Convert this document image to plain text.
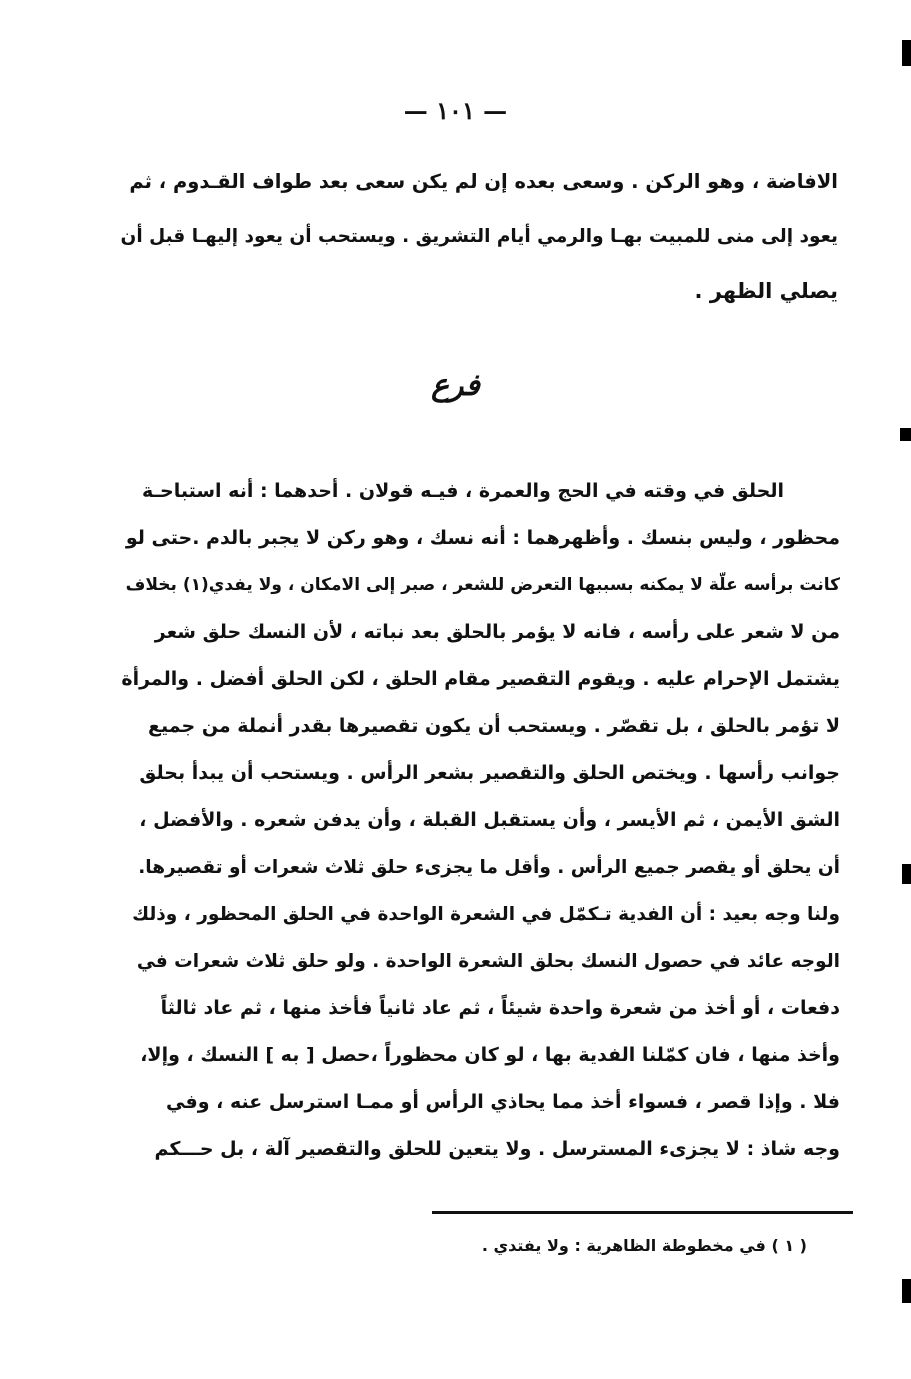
— ١٠١ —
الافاضة ، وهو الركن . وسعى بعده إن لم يكن سعى بعد طواف القـدوم ، ثم
يعود إلى منى للمبيت بهـا والرمي أيام التشريق . ويستحب أن يعود إليهـا قبل أن
يصلي الظهر .
فرع
الحلق في وقته في الحج والعمرة ، فيـه قولان . أحدهما : أنه استباحـة
محظور ، وليس بنسك . وأظهرهما : أنه نسك ، وهو ركن لا يجبر بالدم .حتى لو
كانت برأسه علّة لا يمكنه بسببها التعرض للشعر ، صبر إلى الامكان ، ولا يفدي(١) بخلاف
من لا شعر على رأسه ، فانه لا يؤمر بالحلق بعد نباته ، لأن النسك حلق شعر
يشتمل الإحرام عليه . ويقوم التقصير مقام الحلق ، لكن الحلق أفضل . والمرأة
لا تؤمر بالحلق ، بل تقصّر . ويستحب أن يكون تقصيرها بقدر أنملة من جميع
جوانب رأسها . ويختص الحلق والتقصير بشعر الرأس . ويستحب أن يبدأ بحلق
الشق الأيمن ، ثم الأيسر ، وأن يستقبل القبلة ، وأن يدفن شعره . والأفضل ،
أن يحلق أو يقصر جميع الرأس . وأقل ما يجزىء حلق ثلاث شعرات أو تقصيرها.
ولنا وجه بعيد : أن الفدية تـكمّل في الشعرة الواحدة في الحلق المحظور ، وذلك
الوجه عائد في حصول النسك بحلق الشعرة الواحدة . ولو حلق ثلاث شعرات في
دفعات ، أو أخذ من شعرة واحدة شيئاً ، ثم عاد ثانياً فأخذ منها ، ثم عاد ثالثاً
وأخذ منها ، فان كمّلنا الفدية بها ، لو كان محظوراً ،حصل [ به ] النسك ، وإلا،
فلا . وإذا قصر ، فسواء أخذ مما يحاذي الرأس أو ممـا استرسل عنه ، وفي
وجه شاذ : لا يجزىء المسترسل . ولا يتعين للحلق والتقصير آلة ، بل حـــكم
( ١ ) في مخطوطة الظاهرية : ولا يفتدي .
